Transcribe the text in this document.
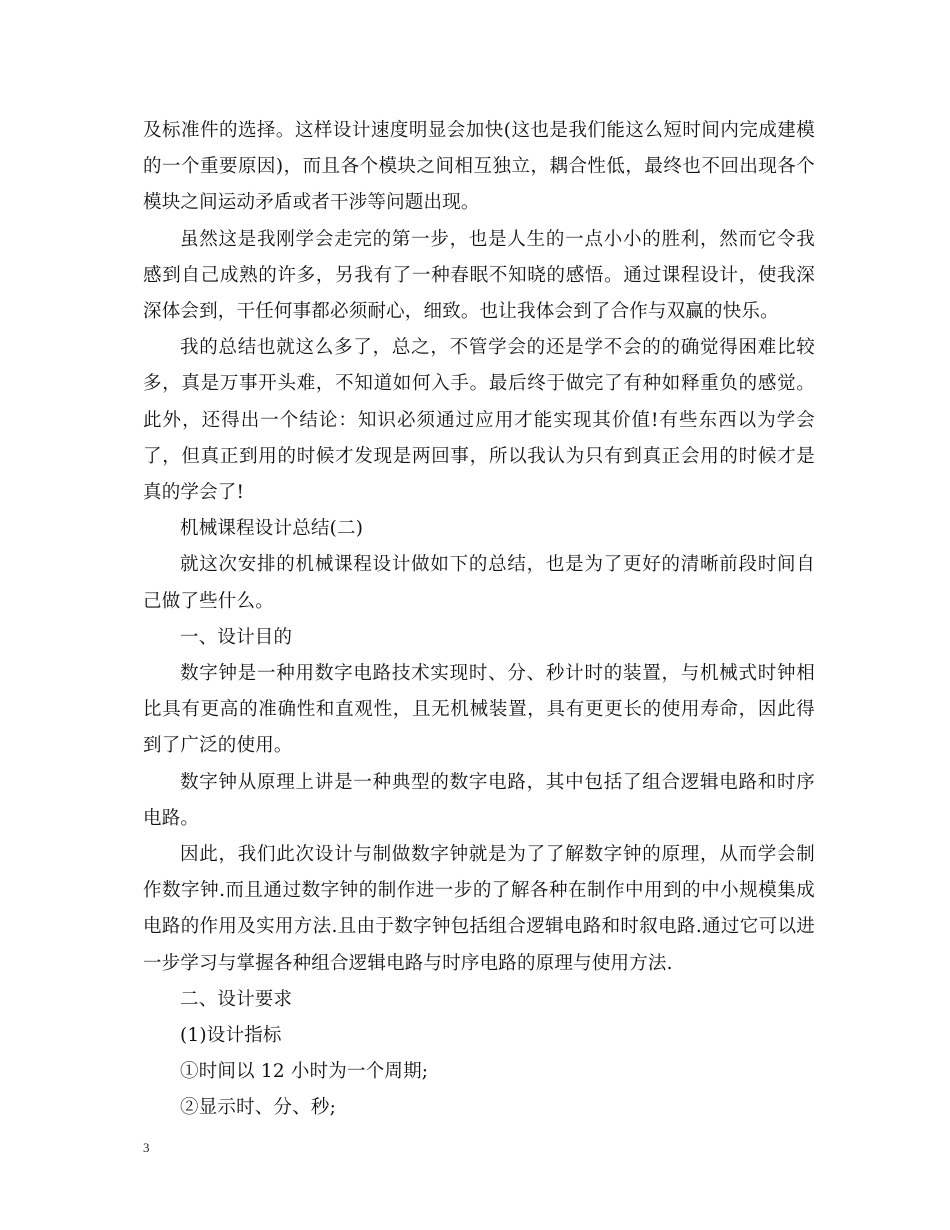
及标准件的选择。这样设计速度明显会加快(这也是我们能这么短时间内完成建模的一个重要原因)，而且各个模块之间相互独立，耦合性低，最终也不回出现各个模块之间运动矛盾或者干涉等问题出现。

虽然这是我刚学会走完的第一步，也是人生的一点小小的胜利，然而它令我感到自己成熟的许多，另我有了一种春眠不知晓的感悟。通过课程设计，使我深深体会到，干任何事都必须耐心，细致。也让我体会到了合作与双赢的快乐。

我的总结也就这么多了，总之，不管学会的还是学不会的的确觉得困难比较多，真是万事开头难，不知道如何入手。最后终于做完了有种如释重负的感觉。此外，还得出一个结论：知识必须通过应用才能实现其价值!有些东西以为学会了，但真正到用的时候才发现是两回事，所以我认为只有到真正会用的时候才是真的学会了!

机械课程设计总结(二)

就这次安排的机械课程设计做如下的总结，也是为了更好的清晰前段时间自己做了些什么。

一、设计目的

数字钟是一种用数字电路技术实现时、分、秒计时的装置，与机械式时钟相比具有更高的准确性和直观性，且无机械装置，具有更更长的使用寿命，因此得到了广泛的使用。

数字钟从原理上讲是一种典型的数字电路，其中包括了组合逻辑电路和时序电路。

因此，我们此次设计与制做数字钟就是为了了解数字钟的原理，从而学会制作数字钟.而且通过数字钟的制作进一步的了解各种在制作中用到的中小规模集成电路的作用及实用方法.且由于数字钟包括组合逻辑电路和时叙电路.通过它可以进一步学习与掌握各种组合逻辑电路与时序电路的原理与使用方法.

二、设计要求

(1)设计指标

①时间以 12 小时为一个周期;

②显示时、分、秒;

3
